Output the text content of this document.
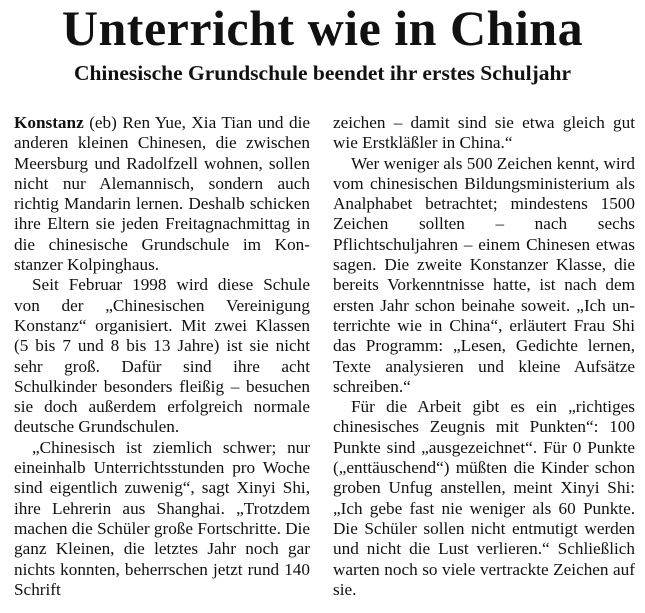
Unterricht wie in China
Chinesische Grundschule beendet ihr erstes Schuljahr

Konstanz (eb) Ren Yue, Xia Tian und die anderen kleinen Chinesen, die zwischen Meersburg und Radolfzell wohnen, sollen nicht nur Alemannisch, sondern auch richtig Mandarin lernen. Deshalb schicken ihre Eltern sie jeden Freitagnachmittag in die chinesische Grundschule im Konstanzer Kolpinghaus.

Seit Februar 1998 wird diese Schule von der „Chinesischen Vereinigung Konstanz“ organisiert. Mit zwei Klassen (5 bis 7 und 8 bis 13 Jahre) ist sie nicht sehr groß. Dafür sind ihre acht Schulkinder besonders fleißig – besuchen sie doch außerdem erfolgreich normale deutsche Grundschulen.

„Chinesisch ist ziemlich schwer; nur eineinhalb Unterrichtsstunden pro Woche sind eigentlich zuwenig“, sagt Xinyi Shi, ihre Lehrerin aus Shanghai. „Trotzdem machen die Schüler große Fortschritte. Die ganz Kleinen, die letztes Jahr noch gar nichts konnten, beherrschen jetzt rund 140 Schrift

zeichen – damit sind sie etwa gleich gut wie Erstkläßler in China.“

Wer weniger als 500 Zeichen kennt, wird vom chinesischen Bildungsministerium als Analphabet betrachtet; mindestens 1500 Zeichen sollten – nach sechs Pflichtschuljahren – einem Chinesen etwas sagen. Die zweite Konstanzer Klasse, die bereits Vorkenntnisse hatte, ist nach dem ersten Jahr schon beinahe soweit. „Ich unterrichte wie in China“, erläutert Frau Shi das Programm: „Lesen, Gedichte lernen, Texte analysieren und kleine Aufsätze schreiben.“

Für die Arbeit gibt es ein „richtiges chinesisches Zeugnis mit Punkten“: 100 Punkte sind „ausgezeichnet“. Für 0 Punkte („enttäuschend“) müßten die Kinder schon groben Unfug anstellen, meint Xinyi Shi: „Ich gebe fast nie weniger als 60 Punkte. Die Schüler sollen nicht entmutigt werden und nicht die Lust verlieren.“ Schließlich warten noch so viele vertrackte Zeichen auf sie.
